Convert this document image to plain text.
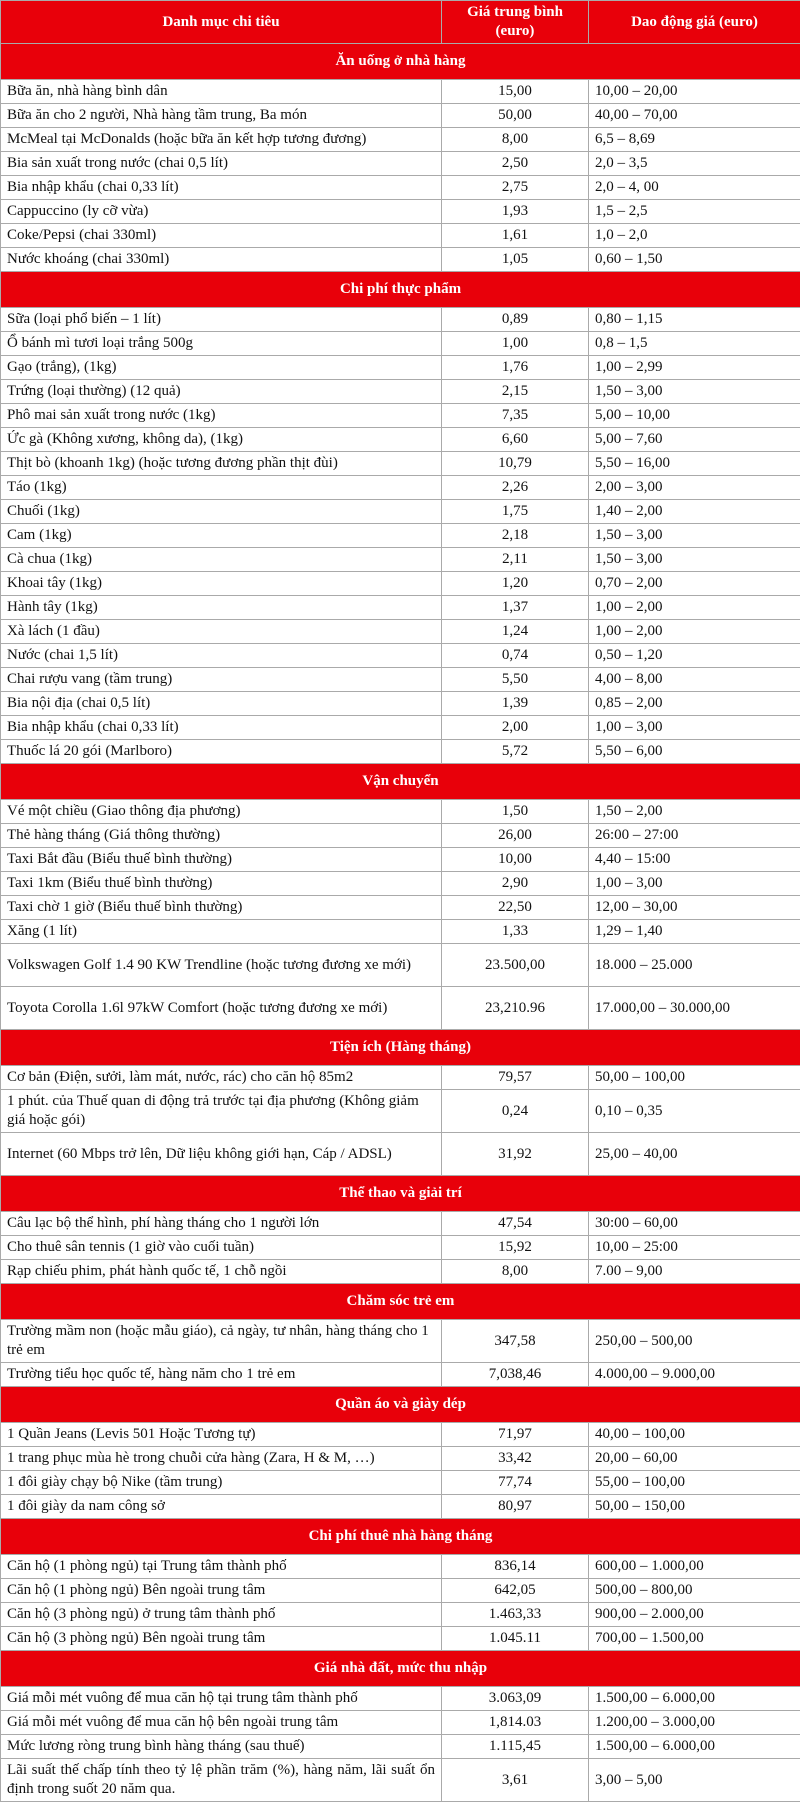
Danh mục chi tiêu	Giá trung bình (euro)	Dao động giá (euro)
Ăn uống ở nhà hàng		
Bữa ăn, nhà hàng bình dân	15,00	10,00 – 20,00
Bữa ăn cho 2 người, Nhà hàng tầm trung, Ba món	50,00	40,00 – 70,00
McMeal tại McDonalds (hoặc bữa ăn kết hợp tương đương)	8,00	6,5 – 8,69
Bia sản xuất trong nước (chai 0,5 lít)	2,50	2,0 – 3,5
Bia nhập khẩu (chai 0,33 lít)	2,75	2,0 – 4, 00
Cappuccino (ly cỡ vừa)	1,93	1,5 – 2,5
Coke/Pepsi (chai 330ml)	1,61	1,0 – 2,0
Nước khoáng (chai 330ml)	1,05	0,60 – 1,50
Chi phí thực phẩm		
Sữa (loại phổ biến – 1 lít)	0,89	0,80 – 1,15
Ổ bánh mì tươi loại trắng 500g	1,00	0,8 – 1,5
Gạo (trắng), (1kg)	1,76	1,00 – 2,99
Trứng (loại thường) (12 quả)	2,15	1,50 – 3,00
Phô mai sản xuất trong nước (1kg)	7,35	5,00 – 10,00
Ức gà (Không xương, không da), (1kg)	6,60	5,00 – 7,60
Thịt bò (khoanh 1kg) (hoặc tương đương phần thịt đùi)	10,79	5,50 – 16,00
Táo (1kg)	2,26	2,00 – 3,00
Chuối (1kg)	1,75	1,40 – 2,00
Cam (1kg)	2,18	1,50 – 3,00
Cà chua (1kg)	2,11	1,50 – 3,00
Khoai tây (1kg)	1,20	0,70 – 2,00
Hành tây (1kg)	1,37	1,00 – 2,00
Xà lách (1 đầu)	1,24	1,00 – 2,00
Nước (chai 1,5 lít)	0,74	0,50 – 1,20
Chai rượu vang (tầm trung)	5,50	4,00 – 8,00
Bia nội địa (chai 0,5 lít)	1,39	0,85 – 2,00
Bia nhập khẩu (chai 0,33 lít)	2,00	1,00 – 3,00
Thuốc lá 20 gói (Marlboro)	5,72	5,50 – 6,00
Vận chuyển		
Vé một chiều (Giao thông địa phương)	1,50	1,50 – 2,00
Thẻ hàng tháng (Giá thông thường)	26,00	26:00 – 27:00
Taxi Bắt đầu (Biểu thuế bình thường)	10,00	4,40 – 15:00
Taxi 1km (Biểu thuế bình thường)	2,90	1,00 – 3,00
Taxi chờ 1 giờ (Biểu thuế bình thường)	22,50	12,00 – 30,00
Xăng (1 lít)	1,33	1,29 – 1,40
Volkswagen Golf 1.4 90 KW Trendline (hoặc tương đương xe mới)	23.500,00	18.000 – 25.000
Toyota Corolla 1.6l 97kW Comfort (hoặc tương đương xe mới)	23,210.96	17.000,00 – 30.000,00
Tiện ích (Hàng tháng)		
Cơ bản (Điện, sưởi, làm mát, nước, rác) cho căn hộ 85m2	79,57	50,00 – 100,00
1 phút. của Thuế quan di động trả trước tại địa phương (Không giảm giá hoặc gói)	0,24	0,10 – 0,35
Internet (60 Mbps trở lên, Dữ liệu không giới hạn, Cáp / ADSL)	31,92	25,00 – 40,00
Thể thao và giải trí		
Câu lạc bộ thể hình, phí hàng tháng cho 1 người lớn	47,54	30:00 – 60,00
Cho thuê sân tennis (1 giờ vào cuối tuần)	15,92	10,00 – 25:00
Rạp chiếu phim, phát hành quốc tế, 1 chỗ ngồi	8,00	7.00 – 9,00
Chăm sóc trẻ em		
Trường mầm non (hoặc mẫu giáo), cả ngày, tư nhân, hàng tháng cho 1 trẻ em	347,58	250,00 – 500,00
Trường tiểu học quốc tế, hàng năm cho 1 trẻ em	7,038,46	4.000,00 – 9.000,00
Quần áo và giày dép		
1 Quần Jeans (Levis 501 Hoặc Tương tự)	71,97	40,00 – 100,00
1 trang phục mùa hè trong chuỗi cửa hàng (Zara, H & M, …)	33,42	20,00 – 60,00
1 đôi giày chạy bộ Nike (tầm trung)	77,74	55,00 – 100,00
1 đôi giày da nam công sở	80,97	50,00 – 150,00
Chi phí thuê nhà hàng tháng		
Căn hộ (1 phòng ngủ) tại Trung tâm thành phố	836,14	600,00 – 1.000,00
Căn hộ (1 phòng ngủ) Bên ngoài trung tâm	642,05	500,00 – 800,00
Căn hộ (3 phòng ngủ) ở trung tâm thành phố	1.463,33	900,00 – 2.000,00
Căn hộ (3 phòng ngủ) Bên ngoài trung tâm	1.045.11	700,00 – 1.500,00
Giá nhà đất, mức thu nhập		
Giá mỗi mét vuông để mua căn hộ tại trung tâm thành phố	3.063,09	1.500,00 – 6.000,00
Giá mỗi mét vuông để mua căn hộ bên ngoài trung tâm	1,814.03	1.200,00 – 3.000,00
Mức lương ròng trung bình hàng tháng (sau thuế)	1.115,45	1.500,00 – 6.000,00
Lãi suất thế chấp tính theo tỷ lệ phần trăm (%), hàng năm, lãi suất ổn định trong suốt 20 năm qua.	3,61	3,00 – 5,00
